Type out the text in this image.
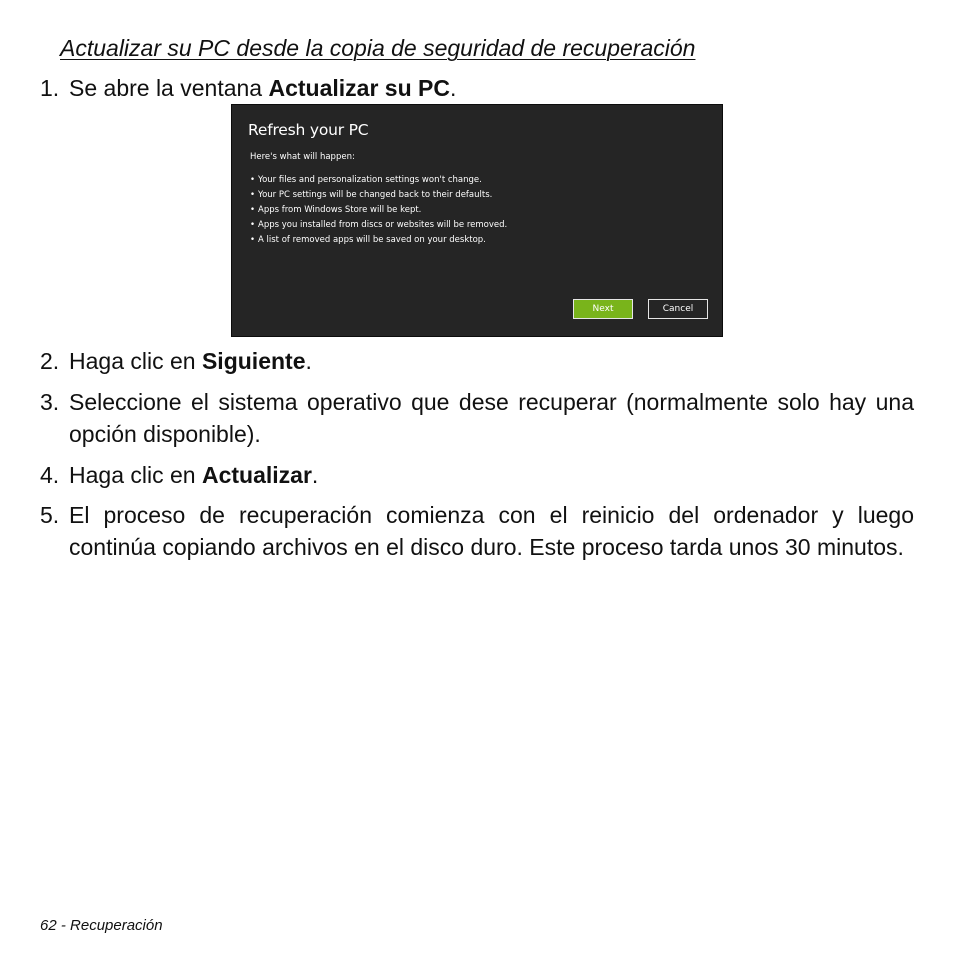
Actualizar su PC desde la copia de seguridad de recuperación
1. Se abre la ventana Actualizar su PC.
Refresh your PC
Here's what will happen:
• Your files and personalization settings won't change.
• Your PC settings will be changed back to their defaults.
• Apps from Windows Store will be kept.
• Apps you installed from discs or websites will be removed.
• A list of removed apps will be saved on your desktop.
Next	Cancel
2. Haga clic en Siguiente.
3. Seleccione el sistema operativo que dese recuperar (normalmente solo hay una opción disponible).
4. Haga clic en Actualizar.
5. El proceso de recuperación comienza con el reinicio del ordenador y luego continúa copiando archivos en el disco duro. Este proceso tarda unos 30 minutos.
62 - Recuperación
